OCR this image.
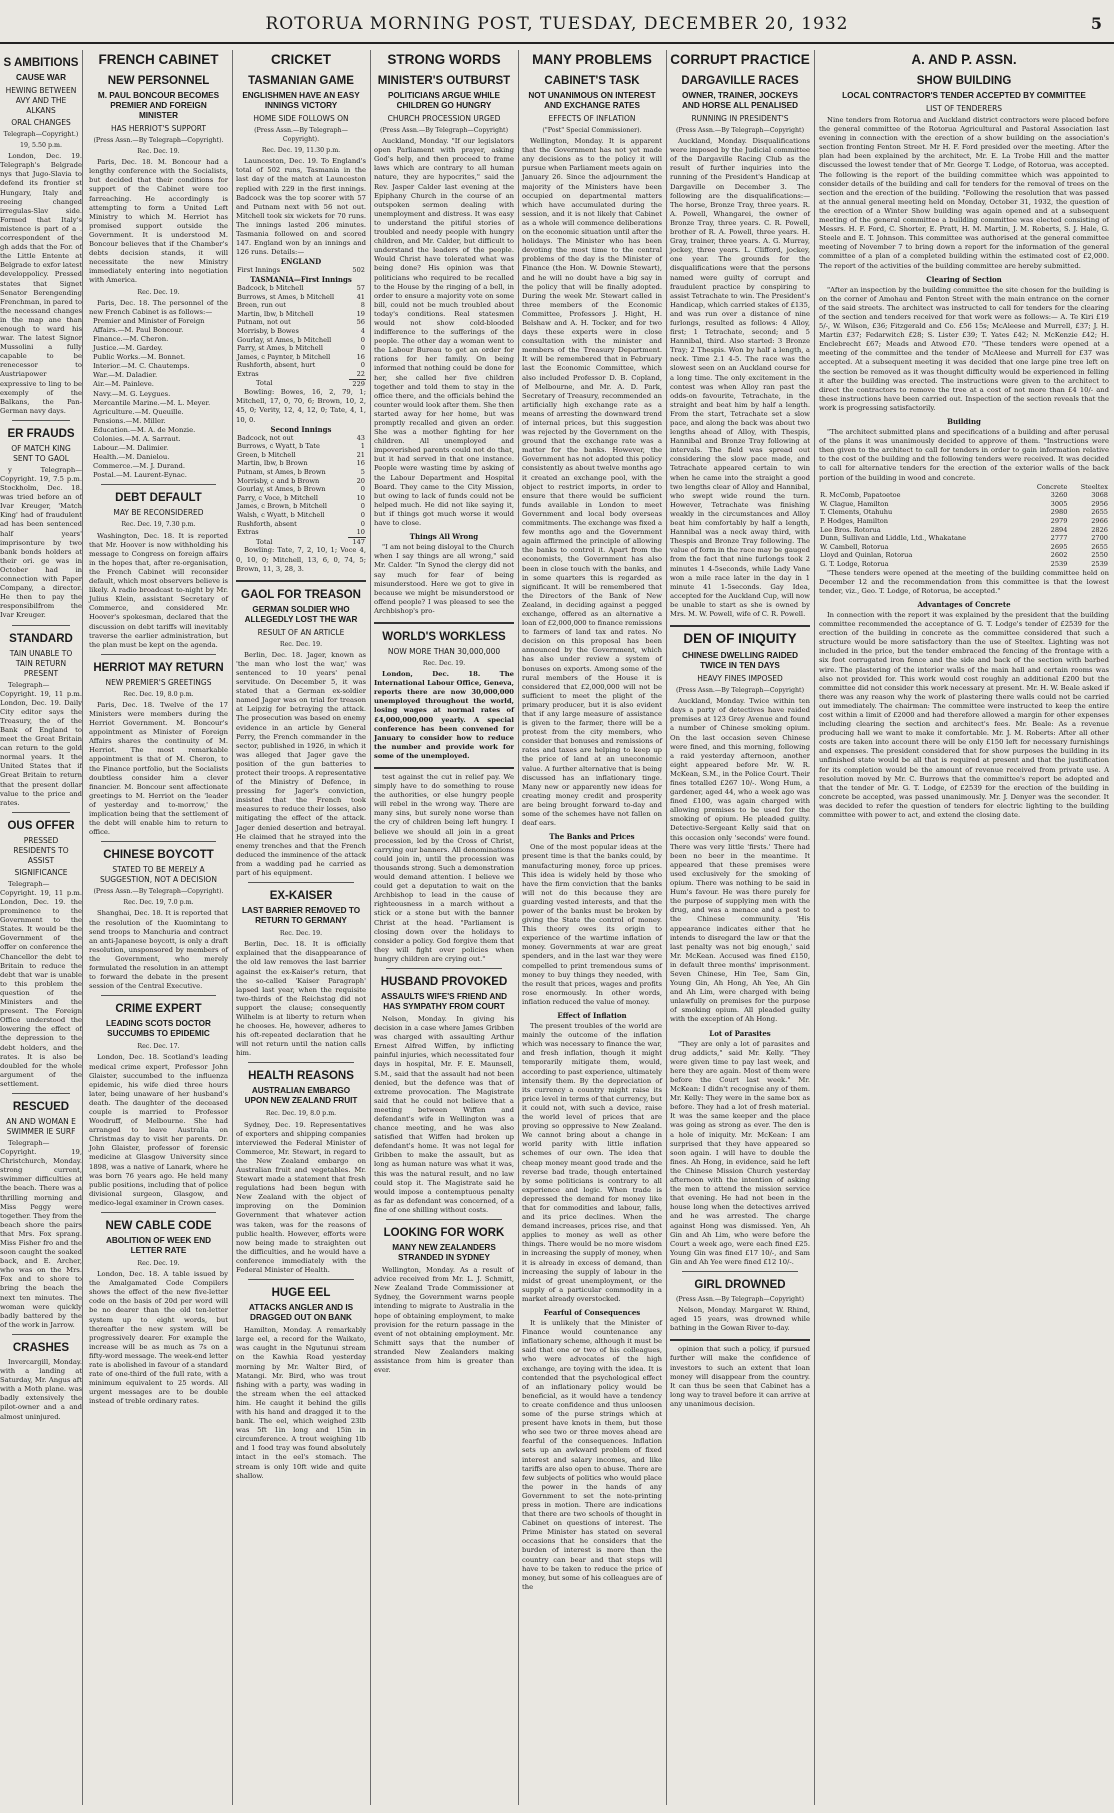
ROTORUA MORNING POST, TUESDAY, DECEMBER 20, 1932	5
S AMBITIONS
CAUSE WAR
HEWING BETWEEN AVY AND THE ALKANS
ORAL CHANGES
Telegraph—Copyright.)
19, 5.50 p.m.

London, Dec. 19. Telegraph's Belgrade nys that Jugo-Slavia to defend its frontier st Hungary, Italy and reeing changed irregulas-Slav side. Formed that Italy's mistence is part of a . correspondent of the gh adds that the For. of the Little Entente at Belgrade to exfor latest developpolicy. Pressed states that Signet Senator Berengending Frenchman, in pared to the necessand changes in the map ane than enough to ward his war. The latest Signor Mussolini a fully capable to be renecessor to Austriapower expressive to ling to be exemply of the Balkans, the Pan-German navy days.

ER FRAUDS
OF MATCH KING SENT TO GAOL

y Telegraph—Copyright. 19, 7.5 p.m. Stockholm, Dec. 18. was tried before an of Ivar Kreuger, 'Match King' had of fraudulent ad has been sentenced half years' imprisonture by two bank bonds holders at their ori. ge was in October had in connection with Paper Company, a director. He then to pay the responsibilfrom the Ivar Kreuger.

STANDARD
TAIN UNABLE TO TAIN RETURN PRESENT

Telegraph—Copyright. 19, 11 p.m. London, Dec. 19. Daily City editor says the Treasury, the of the Bank of England to meet the Great Britain can return to the gold normal years. It the United States that if Great Britain to return that the present dollar value to the price and rates.

OUS OFFER
PRESSED RESIDENTS TO ASSIST
SIGNIFICANCE

Telegraph—Copyright. 19, 11 p.m. London, Dec. 19. the prominence to the Government to the States. It would be the Government of the offer on conference the Chancellor the debt to Britain to reduce the debt that war is unable to this problem the question of the Ministers and the present. The Foreign Office understood the lowering the effect of the depression to the debt holders, and the rates. It is also be doubled for the whole argument of the settlement.

RESCUED
AN AND WOMAN E SWIMMER IE SURF

Telegraph—Copyright. 19, Christchurch, Monday. strong current, swimmer difficulties at the beach. There was a thrilling morning and Miss Peggy were together. They from the beach shore the pairs that Mrs. Fox sprang. Miss Fisher fro and the soon caught the soaked back, and E. Archer, who was on the Mrs. Fox and to shore to bring the beach the next ten minutes. The woman were quickly badly battered by the of the work in Jarrow.

CRASHES

Invercargill, Monday. with a landing at Saturday, Mr. Angus aft with a Moth plane. was badly extensively the pilot-owner and a and almost uninjured.

FRENCH CABINET
NEW PERSONNEL
M. PAUL BONCOUR BECOMES PREMIER AND FOREIGN MINISTER
HAS HERRIOT'S SUPPORT
(Press Assn.—By Telegraph—Copyright).
Rec. Dec. 19.

Paris, Dec. 18. M. Boncour had a lengthy conference with the Socialists, but decided that their conditions for support of the Cabinet were too farreaching. He accordingly is attempting to form a United Left Ministry to which M. Herriot has promised support outside the Government. It is understood M. Boncour believes that if the Chamber's debts decision stands, it will necessitate the new Ministry immediately entering into negotiation with America.

Rec. Dec. 19.

Paris, Dec. 18. The personnel of the new French Cabinet is as follows:—

Premier and Minister of Foreign Affairs.—M. Paul Boncour.
Finance.—M. Cheron.
Justice.—M. Gardey.
Public Works.—M. Bonnet.
Interior.—M. C. Chautemps.
War.—M. Daladier.
Air.—M. Painleve.
Navy.—M. G. Leygues.
Mercantile Marine.—M. L. Meyer.
Agriculture.—M. Queuille.
Pensions.—M. Miller.
Education.—M. A. de Monzie.
Colonies.—M. A. Sarraut.
Labour.—M. Dalimier.
Health.—M. Danielou.
Commerce.—M. J. Durand.
Postal.—M. Laurent-Eynac.
DEBT DEFAULT
MAY BE RECONSIDERED
Rec. Dec. 19, 7.30 p.m.

Washington, Dec. 18. It is reported that Mr. Hoover is now withholding his message to Congress on foreign affairs in the hopes that, after re-organisation, the French Cabinet will reconsider default, which most observers believe is likely. A radio broadcast to-night by Mr. Julius Klein, assistant Secretary of Commerce, and considered Mr. Hoover's spokesman, declared that the discussion on debt tariffs will inevitably traverse the earlier administration, but the plan must be kept on the agenda.

HERRIOT MAY RETURN
NEW PREMIER'S GREETINGS
Rec. Dec. 19, 8.0 p.m.

Paris, Dec. 18. Twelve of the 17 Ministers were members during the Herriot Government. M. Boncour's appointment as Minister of Foreign Affairs shares the continuity of M. Herriot. The most remarkable appointment is that of M. Cheron, to the Finance portfolio, but the Socialists doubtless consider him a clever financier. M. Boncour sent affectionate greetings to M. Herriot on the 'leader of yesterday and to-morrow,' the implication being that the settlement of the debt will enable him to return to office.

CHINESE BOYCOTT
STATED TO BE MERELY A SUGGESTION, NOT A DECISION
(Press Assn.—By Telegraph—Copyright).
Rec. Dec. 19, 7.0 p.m.

Shanghai, Dec. 18. It is reported that the resolution of the Kuomintang to send troops to Manchuria and contract an anti-Japanese boycott, is only a draft resolution, unsponsored by members of the Government, who merely formulated the resolution in an attempt to forward the debate in the present session of the Central Executive.

CRIME EXPERT
LEADING SCOTS DOCTOR SUCCUMBS TO EPIDEMIC
Rec. Dec. 17.

London, Dec. 18. Scotland's leading medical crime expert, Professor John Glaister, succumbed to the influenza epidemic, his wife died three hours later, being unaware of her husband's death. The daughter of the deceased couple is married to Professor Woodruff, of Melbourne. She had arranged to leave Australia on Christmas day to visit her parents. Dr. John Glaister, professor of forensic medicine at Glasgow University since 1898, was a native of Lanark, where he was born 76 years ago. He held many public positions, including that of police divisional surgeon, Glasgow, and medico-legal examiner in Crown cases.

NEW CABLE CODE
ABOLITION OF WEEK END LETTER RATE
Rec. Dec. 19.

London, Dec. 18. A table issued by the Amalgamated Code Compilers shows the effect of the new five-letter code on the basis of 20d per word will be no dearer than the old ten-letter system up to eight words, but thereafter the new system will be progressively dearer. For example the increase will be as much as 7s on a fifty-word message. The week-end letter rate is abolished in favour of a standard rate of one-third of the full rate, with a minimum equivalent to 25 words. All urgent messages are to be double instead of treble ordinary rates.

CRICKET
TASMANIAN GAME
ENGLISHMEN HAVE AN EASY INNINGS VICTORY
HOME SIDE FOLLOWS ON
(Press Assn.—By Telegraph—Copyright).
Rec. Dec. 19, 11.30 p.m.

Launceston, Dec. 19. To England's total of 502 runs, Tasmania in the last day of the match at Launceston replied with 229 in the first innings. Badcock was the top scorer with 57 and Putnam next with 56 not out. Mitchell took six wickets for 70 runs. The innings lasted 206 minutes. Tasmania followed on and scored 147. England won by an innings and 126 runs. Details:—

ENGLAND
First Innings	502
TASMANIA—First Innings
Badcock, b Mitchell	57
Burrows, st Ames, b Mitchell	41
Breen, run out	8
Martin, lbw, b Mitchell	19
Putnam, not out	56
Morrisby, b Bowes	4
Gourlay, st Ames, b Mitchell	0
Parry, st Ames, b Mitchell	0
James, c Paynter, b Mitchell	16
Rushforth, absent, hurt	0
Extras	22
Total	229

Bowling: Bowes, 16, 2, 79, 1; Mitchell, 17, 0, 70, 6; Brown, 10, 2, 45, 0; Verity, 12, 4, 12, 0; Tate, 4, 1, 10, 0.

Second Innings
Badcock, not out	43
Burrows, c Wyatt, b Tate	1
Green, b Mitchell	21
Martin, lbw, b Brown	16
Putnam, st Ames, b Brown	5
Morrisby, c and b Brown	20
Gourlay, st Ames, b Brown	0
Parry, c Voce, b Mitchell	10
James, c Brown, b Mitchell	0
Walsh, c Wyatt, b Mitchell	0
Rushforth, absent	0
Extras	10
Total	147

Bowling: Tate, 7, 2, 10, 1; Voce 4, 0, 10, 0; Mitchell, 13, 6, 0, 74, 5; Brown, 11, 3, 28, 3.

GAOL FOR TREASON
GERMAN SOLDIER WHO ALLEGEDLY LOST THE WAR
RESULT OF AN ARTICLE
Rec. Dec. 19.

Berlin, Dec. 18. Jager, known as 'the man who lost the war,' was sentenced to 10 years' penal servitude. On December 5, it was stated that a German ex-soldier named Jager was on trial for treason at Leipzig for betraying the attack. The prosecution was based on enemy evidence in an article by General Perry, the French commander in the sector, published in 1926, in which it was alleged that Jager gave the position of the gun batteries to protect their troops. A representative of the Ministry of Defence, in pressing for Jager's conviction, insisted that the French took measures to reduce their losses, also mitigating the effect of the attack. Jager denied desertion and betrayal. He claimed that he strayed into the enemy trenches and that the French deduced the imminence of the attack from a wadding pad he carried as part of his equipment.

EX-KAISER
LAST BARRIER REMOVED TO RETURN TO GERMANY
Rec. Dec. 19.

Berlin, Dec. 18. It is officially explained that the disappearance of the old law removes the last barrier against the ex-Kaiser's return, that the so-called 'Kaiser Paragraph' lapsed last year, when the requisite two-thirds of the Reichstag did not support the clause; consequently Wilhelm is at liberty to return when he chooses. He, however, adheres to his oft-repeated declaration that he will not return until the nation calls him.

HEALTH REASONS
AUSTRALIAN EMBARGO UPON NEW ZEALAND FRUIT
Rec. Dec. 19, 8.0 p.m.

Sydney, Dec. 19. Representatives of exporters and shipping companies interviewed the Federal Minister of Commerce, Mr. Stewart, in regard to the New Zealand embargo on Australian fruit and vegetables. Mr. Stewart made a statement that fresh regulations had been begun with New Zealand with the object of improving on the Dominion Government that whatever action was taken, was for the reasons of public health. However, efforts were now being made to straighten out the difficulties, and he would have a conference immediately with the Federal Minister of Health.

HUGE EEL
ATTACKS ANGLER AND IS DRAGGED OUT ON BANK

Hamilton, Monday. A remarkably large eel, a record for the Waikato, was caught in the Ngutunui stream on the Kawhia Road yesterday morning by Mr. Walter Bird, of Matangi. Mr. Bird, who was trout fishing with a party, was wading in the stream when the eel attacked him. He caught it behind the gills with his hand and dragged it to the bank. The eel, which weighed 23lb was 5ft 1in long and 15in in circumference. A trout weighing 1lb and 1 food tray was found absolutely intact in the eel's stomach. The stream is only 10ft wide and quite shallow.

STRONG WORDS
MINISTER'S OUTBURST
POLITICIANS ARGUE WHILE CHILDREN GO HUNGRY
CHURCH PROCESSION URGED
(Press Assn.—By Telegraph—Copyright)

Auckland, Monday. "If our legislators open Parliament with prayer, asking God's help, and then proceed to frame laws which are contrary to all human nature, they are hypocrites," said the Rev. Jasper Calder last evening at the Epiphany Church in the course of an outspoken sermon dealing with unemployment and distress. It was easy to understand the pitiful stories of troubled and needy people with hungry children, and Mr. Calder, but difficult to understand the leaders of the people. Would Christ have tolerated what was being done? His opinion was that politicians who required to be recalled to the House by the ringing of a bell, in order to ensure a majority vote on some bill, could not be much troubled about today's conditions. Real statesmen would not show cold-blooded indifference to the sufferings of the people. The other day a woman went to the Labour Bureau to get an order for rations for her family. On being informed that nothing could be done for her, she called her five children together and told them to stay in the office there, and the officials behind the counter would look after them. She then started away for her home, but was promptly recalled and given an order. She was a mother fighting for her children. All unemployed and impoverished parents could not do that, but it had served in that one instance. People were wasting time by asking of the Labour Department and Hospital Board. They came to the City Mission, but owing to lack of funds could not be helped much. He did not like saying it, but if things got much worse it would have to close.

Things All Wrong

"I am not being disloyal to the Church when I say things are all wrong," said Mr. Calder. "In Synod the clergy did not say much for fear of being misunderstood. Here we got to give in because we might be misunderstood or offend people? I was pleased to see the Archbishop's pro-

WORLD'S WORKLESS
NOW MORE THAN 30,000,000
Rec. Dec. 19.

London, Dec. 18. The International Labour Office, Geneva, reports there are now 30,000,000 unemployed throughout the world, losing wages at normal rates of £4,000,000,000 yearly. A special conference has been convened for January to consider how to reduce the number and provide work for some of the unemployed.

test against the cut in relief pay. We simply have to do something to rouse the authorities, or else hungry people will rebel in the wrong way. There are many sins, but surely none worse than the cry of children being left hungry. I believe we should all join in a great procession, led by the Cross of Christ, carrying our banners. All denominations could join in, until the procession was thousands strong. Such a demonstration would demand attention. I believe we could get a deputation to wait on the Archbishop to lead in the cause of righteousness in a march without a stick or a stone but with the banner Christ at the head. "Parliament is closing down over the holidays to consider a policy. God forgive them that they will fight over policies when hungry children are crying out."

HUSBAND PROVOKED
ASSAULTS WIFE'S FRIEND AND HAS SYMPATHY FROM COURT

Nelson, Monday. In giving his decision in a case where James Gribben was charged with assaulting Arthur Ernest Alfred Wiffen, by inflicting painful injuries, which necessitated four days in hospital, Mr. F. E. Maunsell, S.M., said that the assault had not been denied, but the defence was that of extreme provocation. The Magistrate said that he could not believe that a meeting between Wiffen and defendant's wife in Wellington was a chance meeting, and he was also satisfied that Wiffen had broken up defendant's home. It was not legal for Gribben to make the assault, but as long as human nature was what it was, this was the natural result, and no law could stop it. The Magistrate said he would impose a contemptuous penalty as far as defendant was concerned, of a fine of one shilling without costs.

LOOKING FOR WORK
MANY NEW ZEALANDERS STRANDED IN SYDNEY

Wellington, Monday. As a result of advice received from Mr. L. J. Schmitt, New Zealand Trade Commissioner at Sydney, the Government warns people intending to migrate to Australia in the hope of obtaining employment, to make provision for the return passage in the event of not obtaining employment. Mr. Schmitt says that the number of stranded New Zealanders making assistance from him is greater than ever.

MANY PROBLEMS
CABINET'S TASK
NOT UNANIMOUS ON INTEREST AND EXCHANGE RATES
EFFECTS OF INFLATION
("Post" Special Commissioner).

Wellington, Monday. It is apparent that the Government has not yet made any decisions as to the policy it will pursue when Parliament meets again on January 26. Since the adjournment the majority of the Ministers have been occupied on departmental matters which have accumulated during the session, and it is not likely that Cabinet as a whole will commence deliberations on the economic situation until after the holidays. The Minister who has been devoting the most time to the central problems of the day is the Minister of Finance (the Hon. W. Downie Stewart), and he will no doubt have a big say in the policy that will be finally adopted. During the week Mr. Stewart called in three members of the Economic Committee, Professors J. Hight, H. Belshaw and A. H. Tocker, and for two days these experts were in close consultation with the minister and members of the Treasury Department. It will be remembered that in February last the Economic Committee, which also included Professor D. B. Copland, of Melbourne, and Mr. A. D. Park, Secretary of Treasury, recommended an artificially high exchange rate as a means of arresting the downward trend of internal prices, but this suggestion was rejected by the Government on the ground that the exchange rate was a matter for the banks. However, the Government has not adopted this policy consistently as about twelve months ago it created an exchange pool, with the object to restrict imports, in order to ensure that there would be sufficient funds available in London to meet Government and local body overseas commitments. The exchange was fixed a few months ago and the Government again affirmed the principle of allowing the banks to control it. Apart from the economists, the Government has also been in close touch with the banks, and in some quarters this is regarded as significant. It will be remembered that the Directors of the Bank of New Zealand, in deciding against a pegged exchange, offered as an alternative a loan of £2,000,000 to finance remissions to farmers of land tax and rates. No decision on this proposal has been announced by the Government, which has also under review a system of bonuses on exports. Among some of the rural members of the House it is considered that £2,000,000 will not be sufficient to meet the plight of the primary producer, but it is also evident that if any large measure of assistance is given to the farmer, there will be a protest from the city members, who consider that bonuses and remissions of rates and taxes are helping to keep up the price of land at an uneconomic value. A further alternative that is being discussed has an inflationary tinge. Many new or apparently new ideas for creating money credit and prosperity are being brought forward to-day and some of the schemes have not fallen on deaf ears.

The Banks and Prices

One of the most popular ideas at the present time is that the banks could, by manufacturing money, force up prices. This idea is widely held by those who have the firm conviction that the banks will not do this because they are guarding vested interests, and that the power of the banks must be broken by giving the State the control of money. This theory owes its origin to experience of the wartime inflation of money. Governments at war are great spenders, and in the last war they were compelled to print tremendous sums of money to buy things they needed, with the result that prices, wages and profits rose enormously. In other words, inflation reduced the value of money.

Effect of Inflation

The present troubles of the world are mainly the outcome of the inflation which was necessary to finance the war, and fresh inflation, though it might temporarily mitigate them, would, according to past experience, ultimately intensify them. By the depreciation of its currency a country might raise its price level in terms of that currency, but it could not, with such a device, raise the world level of prices that are proving so oppressive to New Zealand. We cannot bring about a change in world parity with little inflation schemes of our own. The idea that cheap money meant good trade and the reverse bad trade, though entertained by some politicians is contrary to all experience and logic. When trade is depressed the demand for money like that for commodities and labour, falls, and its price declines. When the demand increases, prices rise, and that applies to money as well as other things. There would be no more wisdom in increasing the supply of money, when it is already in excess of demand, than increasing the supply of labour in the midst of great unemployment, or the supply of a particular commodity in a market already overstocked.

Fearful of Consequences

It is unlikely that the Minister of Finance would countenance any inflationary scheme, although it must be said that one or two of his colleagues, who were advocates of the high exchange, are toying with the idea. It is contended that the psychological effect of an inflationary policy would be beneficial, as it would have a tendency to create confidence and thus unloosen some of the purse strings which at present have knots in them, but those who see two or three moves ahead are fearful of the consequences. Inflation sets up an awkward problem of fixed interest and salary incomes, and like tariffs are also open to abuse. There are few subjects of politics who would place the power in the hands of any Government to set the note-printing press in motion. There are indications that there are two schools of thought in Cabinet on questions of interest. The Prime Minister has stated on several occasions that he considers that the burden of interest is more than the country can bear and that steps will have to be taken to reduce the price of money, but some of his colleagues are of the

CORRUPT PRACTICE
DARGAVILLE RACES
OWNER, TRAINER, JOCKEYS AND HORSE ALL PENALISED
RUNNING IN PRESIDENT'S
(Press Assn.—By Telegraph—Copyright)

Auckland, Monday. Disqualifications were imposed by the Judicial committee of the Dargaville Racing Club as the result of further inquiries into the running of the President's Handicap at Dargaville on December 3. The following are the disqualifications:— The horse, Bronze Tray, three years. R. A. Powell, Whangarei, the owner of Bronze Tray, three years. C. R. Powell, brother of R. A. Powell, three years. H. Gray, trainer, three years. A. G. Murray, jockey, three years. L. Clifford, jockey, one year. The grounds for the disqualifications were that the persons named were guilty of corrupt and fraudulent practice by conspiring to assist Tetrachate to win. The President's Handicap, which carried stakes of £135, and was run over a distance of nine furlongs, resulted as follows: 4 Alloy, first; 1 Tetrachate, second; and 5 Hannibal, third. Also started: 3 Bronze Tray; 2 Thespis. Won by half a length, a neck. Time 2.1 4-5. The race was the slowest seen on an Auckland course for a long time. The only excitement in the contest was when Alloy ran past the odds-on favourite, Tetrachate, in the straight and beat him by half a length. From the start, Tetrachate set a slow pace, and along the back was about two lengths ahead of Alloy, with Thespis, Hannibal and Bronze Tray following at intervals. The field was spread out considering the slow pace made, and Tetrachate appeared certain to win when he came into the straight a good two lengths clear of Alloy and Hannibal, who swept wide round the turn. However, Tetrachate was finishing weakly in the circumstances and Alloy beat him comfortably by half a length, Hannibal was a neck away third, with Thespis and Bronze Tray following. The value of form in the race may be gauged from the fact that nine furlongs took 2 minutes 1 4-5seconds, while Lady Vane won a mile race later in the day in 1 minute 41 1-5seconds. Gay Idea, accepted for the Auckland Cup, will now be unable to start as she is owned by Mrs. M. W. Powell, wife of C. R. Powell.

DEN OF INIQUITY
CHINESE DWELLING RAIDED TWICE IN TEN DAYS
HEAVY FINES IMPOSED
(Press Assn.—By Telegraph—Copyright)

Auckland, Monday. Twice within ten days a party of detectives have raided premises at 123 Grey Avenue and found a number of Chinese smoking opium. On the last occasion seven Chinese were fined, and this morning, following a raid yesterday afternoon, another eight appeared before Mr. W. R. McKean, S.M., in the Police Court. Their fines totalled £267 10/-. Wong Hum, a gardener, aged 44, who a week ago was fined £100, was again charged with allowing premises to be used for the smoking of opium. He pleaded guilty. Detective-Sergeant Kelly said that on this occasion only 'seconds' were found. There was very little 'firsts.' There had been no beer in the meantime. It appeared that these premises were used exclusively for the smoking of opium. There was nothing to be said in Hum's favour. He was there purely for the purpose of supplying men with the drug, and was a menace and a pest to the Chinese community. 'His appearance indicates either that he intends to disregard the law or that the last penalty was not big enough,' said Mr. McKean. Accused was fined £150, in default three months' imprisonment. Seven Chinese, Hin Tee, Sam Gin, Young Gin, Ah Hong, Ah Yee, Ah Gin and Ah Lim, were charged with being unlawfully on premises for the purpose of smoking opium. All pleaded guilty with the exception of Ah Hong.

Lot of Parasites

"They are only a lot of parasites and drug addicts," said Mr. Kelly. "They were given time to pay last week, and here they are again. Most of them were before the Court last week." Mr. McKean: I didn't recognise any of them. Mr. Kelly: They were in the same box as before. They had a lot of fresh material. It was the same keeper and the place was going as strong as ever. The den is a hole of iniquity. Mr. McKean: I am surprised that they have appeared so soon again. I will have to double the fines. Ah Hong, in evidence, said he left the Chinese Mission Church yesterday afternoon with the intention of asking the men to attend the mission service that evening. He had not been in the house long when the detectives arrived and he was arrested. The charge against Hong was dismissed. Yen, Ah Gin and Ah Lim, who were before the Court a week ago, were each fined £25. Young Gin was fined £17 10/-, and Sam Gin and Ah Yee were fined £12 10/-.

GIRL DROWNED
(Press Assn.—By Telegraph—Copyright)

Nelson, Monday. Margaret W. Rhind, aged 15 years, was drowned while bathing in the Gowan River to-day.

opinion that such a policy, if pursued further will make the confidence of investors to such an extent that loan money will disappear from the country. It can thus be seen that Cabinet has a long way to travel before it can arrive at any unanimous decision.

A. AND P. ASSN.
SHOW BUILDING
LOCAL CONTRACTOR'S TENDER ACCEPTED BY COMMITTEE
LIST OF TENDERERS

Nine tenders from Rotorua and Auckland district contractors were placed before the general committee of the Rotorua Agricultural and Pastoral Association last evening in connection with the erection of a show building on the association's section fronting Fenton Street. Mr H. F. Ford presided over the meeting. After the plan had been explained by the architect, Mr. E. La Trobe Hill and the matter discussed the lowest tender that of Mr. George T. Lodge, of Rotorua, was accepted. The following is the report of the building committee which was appointed to consider details of the building and call for tenders for the removal of trees on the section and the erection of the building. "Following the resolution that was passed at the annual general meeting held on Monday, October 31, 1932, the question of the erection of a Winter Show building was again opened and at a subsequent meeting of the general committee a building committee was elected consisting of Messrs. H. F. Ford, C. Shorter, E. Pratt, H. M. Martin, J. M. Roberts, S. J. Hale, G. Steele and E. T. Johnson. This committee was authorised at the general committee meeting of November 7 to bring down a report for the information of the general committee of a plan of a completed building within the estimated cost of £2,000. The report of the activities of the building committee are hereby submitted.

Clearing of Section

"After an inspection by the building committee the site chosen for the building is on the corner of Amohau and Fenton Street with the main entrance on the corner of the said streets. The architect was instructed to call for tenders for the clearing of the section and tenders received for that work were as follows:— A. Te Kiri £19 5/-, W. Wilson, £36; Fitzgerald and Co. £56 15s; McAleese and Murrell, £37; J. H. Martin £37; Fedarwitch £28; S. Lister £39; T. Yates £42; N. McKenzie £42; H. Enclebrecht £67; Meads and Atwood £70. "These tenders were opened at a meeting of the committee and the tender of McAleese and Murrell for £37 was accepted. At a subsequent meeting it was decided that one large pine tree left on the section be removed as it was thought difficulty would be experienced in felling it after the building was erected. The instructions were given to the architect to direct the contractors to remove the tree at a cost of not more than £4 10/- and these instructions have been carried out. Inspection of the section reveals that the work is progressing satisfactorily.

Building

"The architect submitted plans and specifications of a building and after perusal of the plans it was unanimously decided to approve of them. "Instructions were then given to the architect to call for tenders in order to gain information relative to the cost of the building and the following tenders were received. It was decided to call for alternative tenders for the erection of the exterior walls of the back portion of the building in wood and concrete.

	Concrete	Steeltex
R. McComb, Papatoetoe	3260	3068
W. Clague, Hamilton	3005	2956
T. Clements, Otahuhu	2980	2655
P. Hodges, Hamilton	2979	2966
Lee Bros. Rotorua	2894	2826
Dunn, Sullivan and Liddle, Ltd., Whakatane	2777	2700
W. Cambell, Rotorua	2695	2655
Lloyd and Quinlan, Rotorua	2602	2550
G. T. Lodge, Rotorua	2539	2539

"These tenders were opened at the meeting of the building committee held on December 12 and the recommendation from this committee is that the lowest tender, viz., Geo. T. Lodge, of Rotorua, be accepted."

Advantages of Concrete

In connection with the report it was explained by the president that the building committee recommended the acceptance of G. T. Lodge's tender of £2539 for the erection of the building in concrete as the committee considered that such a structure would be more satisfactory than the use of Steeltex. Lighting was not included in the price, but the tender embraced the fencing of the frontage with a six foot corrugated iron fence and the side and back of the section with barbed wire. The plastering of the interior walls of the main hall and certain rooms was also not provided for. This work would cost roughly an additional £200 but the committee did not consider this work necessary at present. Mr. H. W. Beale asked if there was any reason why the work of plastering there walls could not be carried out immediately. The chairman: The committee were instructed to keep the entire cost within a limit of £2000 and had therefore allowed a margin for other expenses including clearing the section and architect's fees. Mr. Beale: As a revenue producing hall we want to make it comfortable. Mr. J. M. Roberts: After all other costs are taken into account there will be only £150 left for necessary furnishings and expenses. The president considered that for show purposes the building in its unfinished state would be all that is required at present and that the justification for its completion would be the amount of revenue received from private use. A resolution moved by Mr. C. Burrows that the committee's report be adopted and that the tender of Mr. G. T. Lodge, of £2539 for the erection of the building in concrete be accepted, was passed unanimously. Mr. J. Denyer was the seconder. It was decided to refer the question of tenders for electric lighting to the building committee with power to act, and extend the closing date.
